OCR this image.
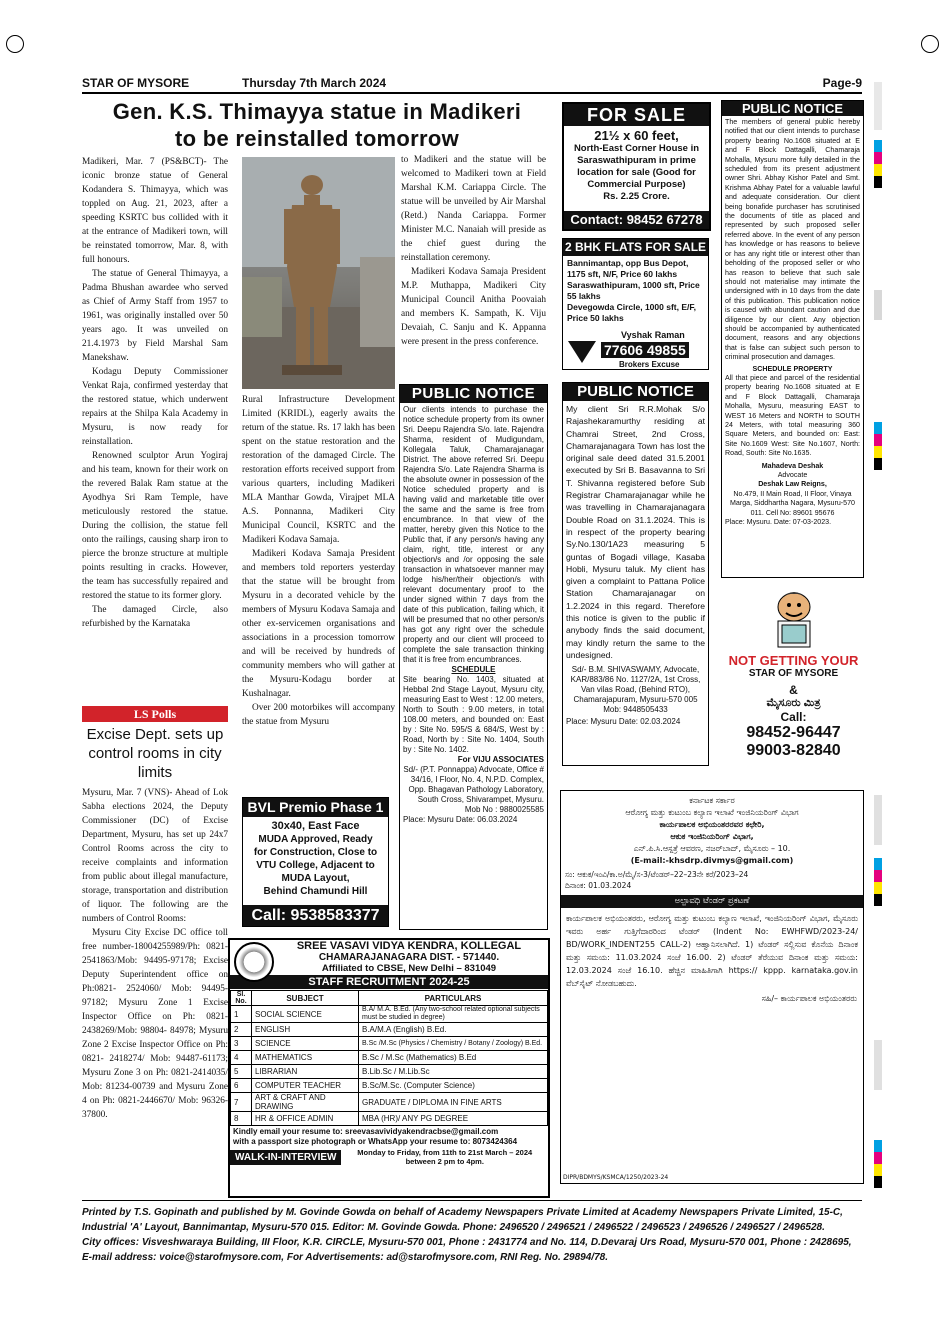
STAR OF MYSORE	Thursday 7th March 2024	Page-9
Gen. K.S. Thimayya statue in Madikeri
to be reinstalled tomorrow

Madikeri, Mar. 7 (PS&BCT)- The iconic bronze statue of General Kodandera S. Thimayya, which was toppled on Aug. 21, 2023, after a speeding KSRTC bus collided with it at the entrance of Madikeri town, will be reinstated tomorrow, Mar. 8, with full honours.

The statue of General Thimayya, a Padma Bhushan awardee who served as Chief of Army Staff from 1957 to 1961, was originally installed over 50 years ago. It was unveiled on 21.4.1973 by Field Marshal Sam Manekshaw.

Kodagu Deputy Commissioner Venkat Raja, confirmed yesterday that the restored statue, which underwent repairs at the Shilpa Kala Academy in Mysuru, is now ready for reinstallation.

Renowned sculptor Arun Yogiraj and his team, known for their work on the revered Balak Ram statue at the Ayodhya Sri Ram Temple, have meticulously restored the statue. During the collision, the statue fell onto the railings, causing sharp iron to pierce the bronze structure at multiple points resulting in cracks. However, the team has successfully repaired and restored the statue to its former glory.

The damaged Circle, also refurbished by the Karnataka

Rural Infrastructure Development Limited (KRIDL), eagerly awaits the return of the statue. Rs. 17 lakh has been spent on the statue restoration and the restoration of the damaged Circle. The restoration efforts received support from various quarters, including Madikeri MLA Manthar Gowda, Virajpet MLA A.S. Ponnanna, Madikeri City Municipal Council, KSRTC and the Madikeri Kodava Samaja.

Madikeri Kodava Samaja President and members told reporters yesterday that the statue will be brought from Mysuru in a decorated vehicle by the members of Mysuru Kodava Samaja and other ex-servicemen organisations and associations in a procession tomorrow and will be received by hundreds of community members who will gather at the Mysuru-Kodagu border at Kushalnagar.

Over 200 motorbikes will accompany the statue from Mysuru

to Madikeri and the statue will be welcomed to Madikeri town at Field Marshal K.M. Cariappa Circle. The statue will be unveiled by Air Marshal (Retd.) Nanda Cariappa. Former Minister M.C. Nanaiah will preside as the chief guest during the reinstallation ceremony.

Madikeri Kodava Samaja President M.P. Muthappa, Madikeri City Municipal Council Anitha Poovaiah and members K. Sampath, K. Viju Devaiah, C. Sanju and K. Appanna were present in the press conference.

LS Polls
Excise Dept. sets up control rooms in city limits

Mysuru, Mar. 7 (VNS)- Ahead of Lok Sabha elections 2024, the Deputy Commissioner (DC) of Excise Department, Mysuru, has set up 24x7 Control Rooms across the city to receive complaints and information from public about illegal manufacture, storage, transportation and distribution of liquor. The following are the numbers of Control Rooms:

Mysuru City Excise DC office toll free number-18004255989/Ph: 0821-2541863/Mob: 94495-97178; Excise Deputy Superintendent office on Ph:0821- 2524060/ Mob: 94495- 97182; Mysuru Zone 1 Excise Inspector Office on Ph: 0821-2438269/Mob: 98804- 84978; Mysuru Zone 2 Excise Inspector Office on Ph: 0821- 2418274/ Mob: 94487-61173; Mysuru Zone 3 on Ph: 0821-2414035/ Mob: 81234-00739 and Mysuru Zone 4 on Ph: 0821-2446670/ Mob: 96326-37800.

BVL Premio Phase 1
30x40, East Face
MUDA Approved, Ready
for Construction, Close to
VTU College, Adjacent to
MUDA Layout,
Behind Chamundi Hill
Call: 9538583377
PUBLIC NOTICE
Our clients intends to purchase the notice schedule property from its owner Sri. Deepu Rajendra S/o. late. Rajendra Sharma, resident of Mudigundam, Kollegala Taluk, Chamarajanagar District. The above referred Sri. Deepu Rajendra S/o. Late Rajendra Sharma is the absolute owner in possession of the Notice scheduled property and is having valid and marketable title over the same and the same is free from encumbrance. In that view of the matter, hereby given this Notice to the Public that, if any person/s having any claim, right, title, interest or any objection/s and /or opposing the sale transaction in whatsoever manner may lodge his/her/their objection/s with relevant documentary proof to the under signed within 7 days from the date of this publication, failing which, it will be presumed that no other person/s has got any right over the schedule property and our client will proceed to complete the sale transaction thinking that it is free from encumbrances.
SCHEDULE
Site bearing No. 1403, situated at Hebbal 2nd Stage Layout, Mysuru city, measuring East to West : 12.00 meters, North to South : 9.00 meters, in total 108.00 meters, and bounded on: East by : Site No. 595/S & 684/S, West by : Road, North by : Site No. 1404, South by : Site No. 1402.
For VIJU ASSOCIATES
Sd/- (P.T. Ponnappa) Advocate, Office # 34/16, I Floor, No. 4, N.P.D. Complex, Opp. Bhagavan Pathology Laboratory, South Cross, Shivarampet, Mysuru. Mob No : 9880025585
Place: Mysuru Date: 06.03.2024
FOR SALE
21½ x 60 feet,
North-East Corner House in
Saraswathipuram in prime
location for sale (Good for
Commercial Purpose)
Rs. 2.25 Crore.
Contact: 98452 67278
2 BHK FLATS FOR SALE
Bannimantap, opp Bus Depot, 1175 sft, N/F, Price 60 lakhs
Saraswathipuram, 1000 sft, Price 55 lakhs
Devegowda Circle, 1000 sft, E/F, Price 50 lakhs
Vyshak Raman
77606 49855
Brokers Excuse
PUBLIC NOTICE
My client Sri R.R.Mohak S/o Rajashekaramurthy residing at Chamrai Street, 2nd Cross, Chamarajanagara Town has lost the original sale deed dated 31.5.2001 executed by Sri B. Basavanna to Sri T. Shivanna registered before Sub Registrar Chamarajanagar while he was travelling in Chamarajanagara Double Road on 31.1.2024. This is in respect of the property bearing Sy.No.130/1A23 measuring 5 guntas of Bogadi village, Kasaba Hobli, Mysuru taluk. My client has given a complaint to Pattana Police Station Chamarajanagar on 1.2.2024 in this regard. Therefore this notice is given to the public if anybody finds the said document, may kindly return the same to the undesigned.
Sd/- B.M. SHIVASWAMY, Advocate, KAR/883/86 No. 1127/2A, 1st Cross, Van vilas Road, (Behind RTO), Chamarajapuram, Mysuru-570 005 Mob: 9448505433
Place: Mysuru Date: 02.03.2024
PUBLIC NOTICE
The members of general public hereby notified that our client intends to purchase property bearing No.1608 situated at E and F Block Dattagalli, Chamaraja Mohalla, Mysuru more fully detailed in the scheduled from its present adjustment owner Shri. Abhay Kishor Patel and Smt. Krishma Abhay Patel for a valuable lawful and adequate consideration. Our client being bonafide purchaser has scrutinised the documents of title as placed and represented by such proposed seller referred above. In the event of any person has knowledge or has reasons to believe or has any right title or interest other than beholding of the proposed seller or who has reason to believe that such sale should not materialise may intimate the undersigned with in 10 days from the date of this publication. This publication notice is caused with abundant caution and due diligence by our client. Any objection should be accompanied by authenticated document, reasons and any objections that is false can subject such person to criminal prosecution and damages.
SCHEDULE PROPERTY
All that piece and parcel of the residential property bearing No.1608 situated at E and F Block Dattagalli, Chamaraja Mohalla, Mysuru, measuring EAST to WEST 16 Meters and NORTH to SOUTH 24 Meters, with total measuring 360 Square Meters, and bounded on: East: Site No.1609 West: Site No.1607, North: Road, South: Site No.1635.
Mahadeva Deshak
Advocate
Deshak Law Reigns,
No.479, II Main Road, II Floor, Vinaya Marga, Siddhartha Nagara, Mysuru-570 011. Cell No: 89601 95676
Place: Mysuru. Date: 07-03-2023.
NOT GETTING YOUR
STAR OF MYSORE
&
ಮೈಸೂರು ಮಿತ್ರ
Call:
98452-96447
99003-82840
SREE VASAVI VIDYA KENDRA, KOLLEGAL
CHAMARAJANAGARA DIST. - 571440.
Affiliated to CBSE, New Delhi – 831049
STAFF RECRUITMENT 2024-25
Sl. No.	SUBJECT	PARTICULARS
1	SOCIAL SCIENCE	B.A/ M.A. B.Ed. (Any two-school related optional subjects must be studied in degree)
2	ENGLISH	B.A/M.A (English) B.Ed.
3	SCIENCE	B.Sc /M.Sc (Physics / Chemistry / Botany / Zoology) B.Ed.
4	MATHEMATICS	B.Sc / M.Sc (Mathematics) B.Ed
5	LIBRARIAN	B.Lib.Sc / M.Lib.Sc
6	COMPUTER TEACHER	B.Sc/M.Sc. (Computer Science)
7	ART & CRAFT AND DRAWING	GRADUATE / DIPLOMA IN FINE ARTS
8	HR & OFFICE ADMIN	MBA (HR)/ ANY PG DEGREE
Kindly email your resume to: sreevasavividyakendracbse@gmail.com
with a passport size photograph or WhatsApp your resume to: 8073424364
WALK-IN-INTERVIEW	Monday to Friday, from 11th to 21st March – 2024 between 2 pm to 4pm.
ಕರ್ನಾಟಕ ಸರ್ಕಾರ
ಆರೋಗ್ಯ ಮತ್ತು ಕುಟುಂಬ ಕಲ್ಯಾಣ ಇಲಾಖೆ ಇಂಜಿನಿಯರಿಂಗ್ ವಿಭಾಗ
ಕಾರ್ಯಪಾಲಕ ಅಭಿಯಂತರರವರ ಕಛೇರಿ,
ಆಕುಕ ಇಂಜಿನಿಯರಿಂಗ್ ವಿಭಾಗ,
ಎನ್.ಪಿ.ಸಿ.ಆಸ್ಪತ್ರೆ ಆವರಣ, ನಜರ್‌ಬಾದ್, ಮೈಸೂರು – 10.
(E-mail:-khsdrp.divmys@gmail.com)
ಸಂ: ಆಕುಕ/ಇಂವಿ/ಕಾ.ಅ/ಮೈ/ಸ-3/ಟೆಂಡರ್–22–23ನೇ ಕರೆ/2023–24
ದಿನಾಂಕ: 01.03.2024
ಅಲ್ಪಾವಧಿ ಟೆಂಡರ್ ಪ್ರಕಟಣೆ
ಕಾರ್ಯಪಾಲಕ ಅಭಿಯಂತರರು, ಆರೋಗ್ಯ ಮತ್ತು ಕುಟುಂಬ ಕಲ್ಯಾಣ ಇಲಾಖೆ, ಇಂಜಿನಿಯರಿಂಗ್ ವಿಭಾಗ, ಮೈಸೂರು ಇವರು ಅರ್ಹ ಗುತ್ತಿಗೆದಾರರಿಂದ ಟೆಂಡರ್ (Indent No: EWHFWD/2023-24/ BD/WORK_INDENT255 CALL-2) ಆಹ್ವಾನಿಸಲಾಗಿದೆ. 1) ಟೆಂಡರ್ ಸಲ್ಲಿಸುವ ಕೊನೆಯ ದಿನಾಂಕ ಮತ್ತು ಸಮಯ: 11.03.2024 ಸಂಜೆ 16.00. 2) ಟೆಂಡರ್ ತೆರೆಯುವ ದಿನಾಂಕ ಮತ್ತು ಸಮಯ: 12.03.2024 ಸಂಜೆ 16.10. ಹೆಚ್ಚಿನ ಮಾಹಿತಿಗಾಗಿ https:// kppp. karnataka.gov.in ವೆಬ್‌ಸೈಟ್ ನೋಡಬಹುದು.
ಸಹಿ/– ಕಾರ್ಯಪಾಲಕ ಅಭಿಯಂತರರು
DIPR/BDMYS/KSMCA/1250/2023-24
Printed by T.S. Gopinath and published by M. Govinde Gowda on behalf of Academy Newspapers Private Limited at Academy Newspapers Private Limited, 15-C, Industrial 'A' Layout, Bannimantap, Mysuru-570 015. Editor: M. Govinde Gowda. Phone: 2496520 / 2496521 / 2496522 / 2496523 / 2496526 / 2496527 / 2496528.
City offices: Visveshwaraya Building, III Floor, K.R. CIRCLE, Mysuru-570 001, Phone : 2431774 and No. 114, D.Devaraj Urs Road, Mysuru-570 001, Phone : 2428695, E-mail address: voice@starofmysore.com, For Advertisements: ad@starofmysore.com, RNI Reg. No. 29894/78.
